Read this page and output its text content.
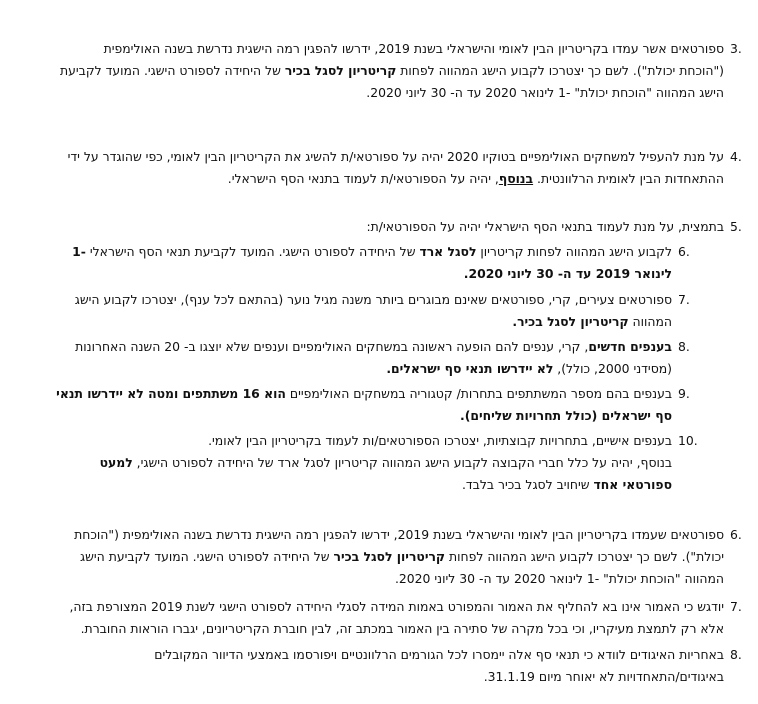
3.
ספורטאים אשר עמדו בקריטריון הבין לאומי והישראלי בשנת 2019, ידרשו להפגין רמה הישגית נדרשת בשנה האולימפית
("הוכחת יכולת"). לשם כך יצטרכו לקבוע הישג המהווה לפחות קריטריון לסגל בכיר של היחידה לספורט הישגי. המועד לקביעת
הישג המהווה "הוכחת יכולת" -1 לינואר 2020 עד ה- 30 ליוני 2020.
4.
על מנת להעפיל למשחקים האולימפיים בטוקיו 2020 יהיה על ספורטאי/ת להשיג את הקריטריון הבין לאומי, כפי שהוגדר על ידי
ההתאחדות הבין לאומית הרלוונטית. בנוסף, יהיה על הספורטאי/ת לעמוד בתנאי הסף הישראלי.
5.
בתמצית, על מנת לעמוד בתנאי הסף הישראלי יהיה על הספורטאי/ת:
6.
לקבוע הישג המהווה לפחות קריטריון לסגל ארד של היחידה לספורט הישגי. המועד לקביעת תנאי הסף הישראלי -1
לינואר 2019 עד ה- 30 ליוני 2020.
7.
ספורטאים צעירים, קרי, ספורטאים שאינם מבוגרים ביותר משנה מגיל נוער (בהתאם לכל ענף), יצטרכו לקבוע הישג
המהווה קריטריון לסגל בכיר.
8.
בענפים חדשים, קרי, ענפים להם הופעה ראשונה במשחקים האולימפיים וענפים שלא יוצגו ב- 20 השנה האחרונות
(מסידני 2000, כולל), לא יידרשו תנאי סף ישראלים.
9.
בענפים בהם מספר המשתתפים בתחרות/ קטגוריה במשחקים האולימפיים הוא 16 משתתפים ומטה לא יידרשו תנאי
סף ישראלים (כולל תחרויות שליחים).
10.
בענפים אישיים, בתחרויות קבוצתיות, יצטרכו הספורטאים/ות לעמוד בקריטריון הבין לאומי.
בנוסף, יהיה על כלל חברי הקבוצה לקבוע הישג המהווה קריטריון לסגל ארד של היחידה לספורט הישגי, למעט
ספורטאי אחד שיחויב לסגל בכיר בלבד.
6.
ספורטאים שעמדו בקריטריון הבין לאומי והישראלי בשנת 2019, ידרשו להפגין רמה הישגית נדרשת בשנה האולימפית ("הוכחת
יכולת"). לשם כך יצטרכו לקבוע הישג המהווה לפחות קריטריון לסגל בכיר של היחידה לספורט הישגי. המועד לקביעת הישג
המהווה "הוכחת יכולת" -1 לינואר 2020 עד ה- 30 ליוני 2020.
7.
יודגש כי האמור אינו בא להחליף את האמור והמפורט באמות המידה לסגלי היחידה לספורט הישגי לשנת 2019 המצורפת בזה,
אלא רק לתמצת מעיקריו, וכי בכל מקרה של סתירה בין האמור במכתב זה, לבין חוברת הקריטריונים, יגברו הוראות החוברת.
8.
באחריות האיגודים לוודא כי תנאי סף אלה יימסרו לכל הגורמים הרלוונטיים ויפורסמו באמצעי הדיוור המקובלים
באיגודים/התאחדויות לא יאוחר מיום 31.1.19.
